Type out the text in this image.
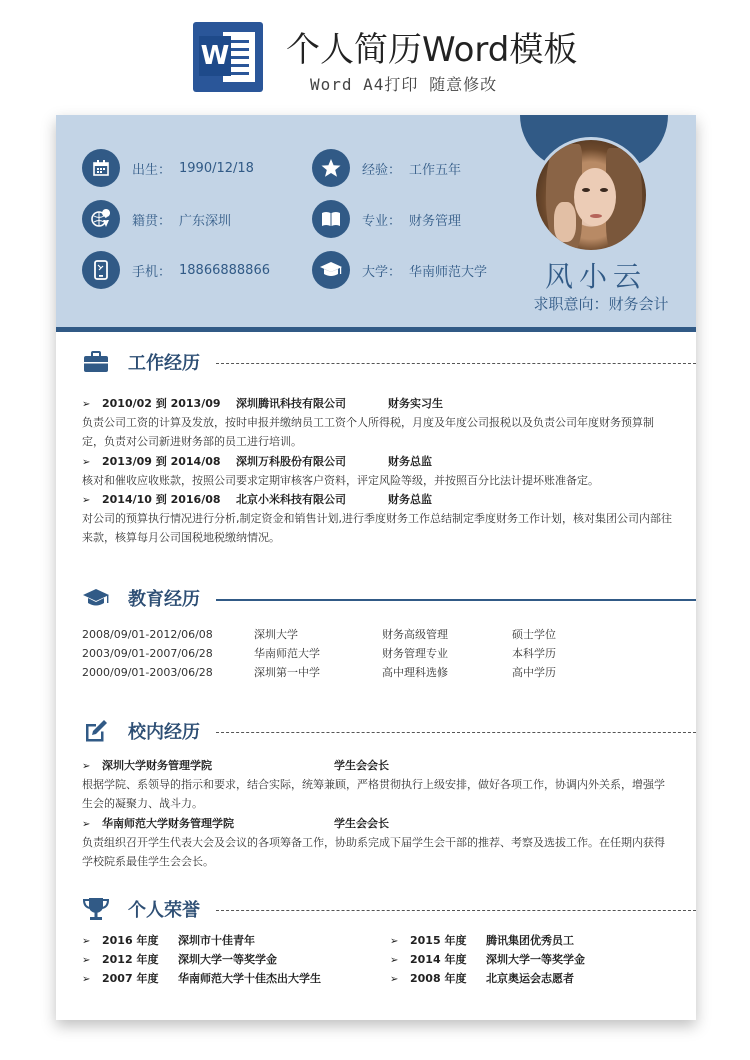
W 个人简历Word模板
Word A4打印 随意修改
风小云
求职意向：财务会计
出生： 1990/12/18	经验： 工作五年
籍贯： 广东深圳	专业： 财务管理
手机： 18866888866	大学： 华南师范大学
工作经历
➢ 2010/02 到 2013/09 深圳腾讯科技有限公司	财务实习生
负责公司工资的计算及发放，按时申报并缴纳员工工资个人所得税，月度及年度公司报税以及负责公司年度财务预算制定，负责对公司新进财务部的员工进行培训。
➢ 2013/09 到 2014/08 深圳万科股份有限公司	财务总监
核对和催收应收账款，按照公司要求定期审核客户资料，评定风险等级，并按照百分比法计提坏账准备定。
➢ 2014/10 到 2016/08 北京小米科技有限公司	财务总监
对公司的预算执行情况进行分析,制定资金和销售计划,进行季度财务工作总结制定季度财务工作计划，核对集团公司内部往来款，核算每月公司国税地税缴纳情况。
教育经历
2008/09/01-2012/06/08	深圳大学	财务高级管理	硕士学位
2003/09/01-2007/06/28	华南师范大学	财务管理专业	本科学历
2000/09/01-2003/06/28	深圳第一中学	高中理科选修	高中学历
校内经历
➢ 深圳大学财务管理学院	学生会会长
根据学院、系领导的指示和要求，结合实际，统筹兼顾，严格贯彻执行上级安排，做好各项工作，协调内外关系，增强学生会的凝聚力、战斗力。
➢ 华南师范大学财务管理学院	学生会会长
负责组织召开学生代表大会及会议的各项筹备工作，协助系完成下届学生会干部的推荐、考察及选拔工作。在任期内获得学校院系最佳学生会会长。
个人荣誉
➢ 2016 年度 深圳市十佳青年	➢ 2015 年度 腾讯集团优秀员工
➢ 2012 年度 深圳大学一等奖学金	➢ 2014 年度 深圳大学一等奖学金
➢ 2007 年度 华南师范大学十佳杰出大学生	➢ 2008 年度 北京奥运会志愿者
